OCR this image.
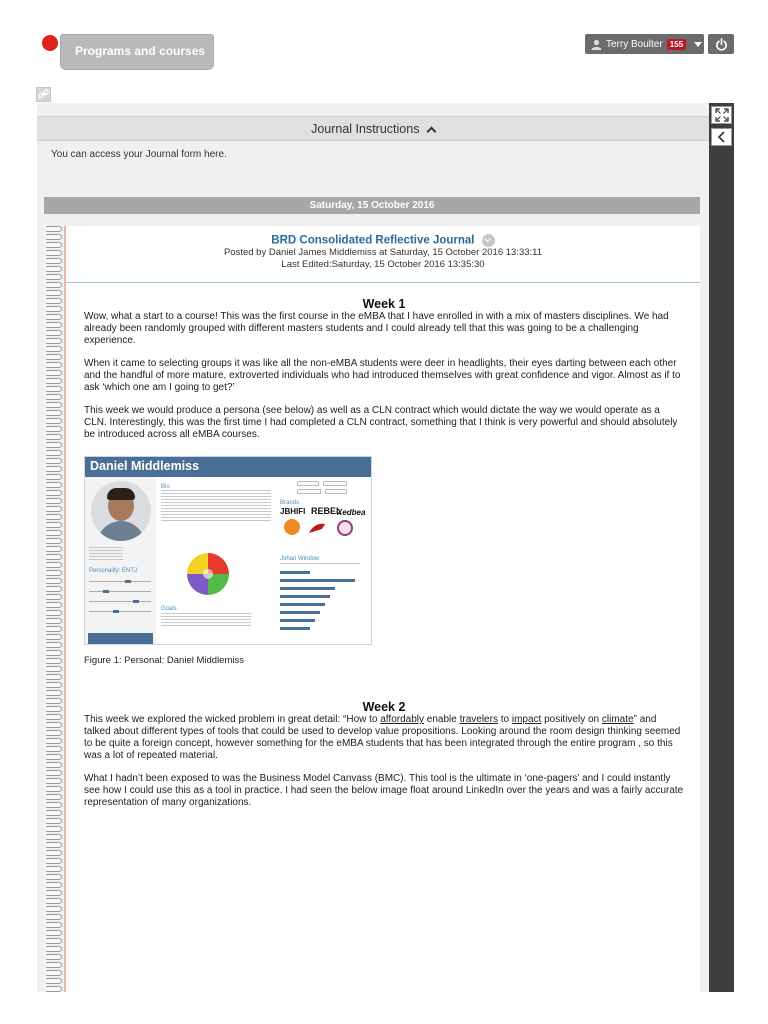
Programs and courses	Terry Boulter 155
Journal Instructions
You can access your Journal form here.
Saturday, 15 October 2016
BRD Consolidated Reflective Journal
Posted by Daniel James Middlemiss at Saturday, 15 October 2016 13:33:11
Last Edited:Saturday, 15 October 2016 13:35:30
Week 1

Wow, what a start to a course! This was the first course in the eMBA that I have enrolled in with a mix of masters disciplines. We had already been randomly grouped with different masters students and I could already tell that this was going to be a challenging experience.

When it came to selecting groups it was like all the non-eMBA students were deer in headlights, their eyes darting between each other and the handful of more mature, extroverted individuals who had introduced themselves with great confidence and vigor. Almost as if to ask ‘which one am I going to get?’

This week we would produce a persona (see below) as well as a CLN contract which would dictate the way we would operate as a CLN. Interestingly, this was the first time I had completed a CLN contract, something that I think is very powerful and should absolutely be introduced across all eMBA courses.

Daniel Middlemiss
Personality: ENTJ
Bio
Goals
Brands
JBHIFI REBEL
Xedbea
Johari Window
Figure 1: Personal: Daniel Middlemiss
Week 2

This week we explored the wicked problem in great detail: “How to affordably enable travelers to impact positively on climate” and talked about different types of tools that could be used to develop value propositions. Looking around the room design thinking seemed to be quite a foreign concept, however something for the eMBA students that has been integrated through the entire program , so this was a lot of repeated material.

What I hadn’t been exposed to was the Business Model Canvass (BMC). This tool is the ultimate in ‘one-pagers’ and I could instantly see how I could use this as a tool in practice. I had seen the below image float around LinkedIn over the years and was a fairly accurate representation of many organizations.
